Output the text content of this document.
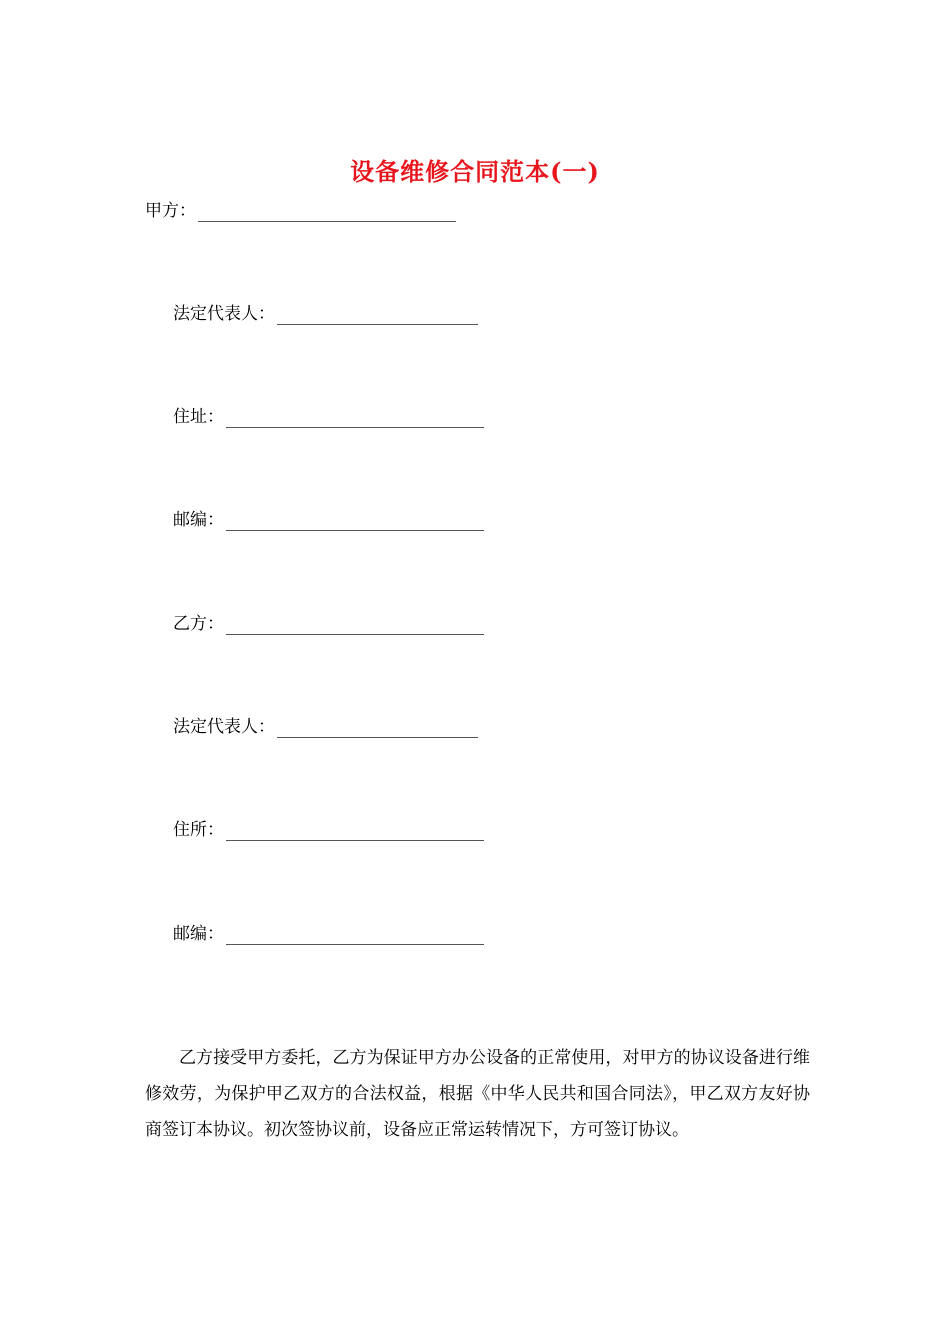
设备维修合同范本(一)
甲方：
法定代表人：
住址：
邮编：
乙方：
法定代表人：
住所：
邮编：

乙方接受甲方委托，乙方为保证甲方办公设备的正常使用，对甲方的协议设备进行维修效劳，为保护甲乙双方的合法权益，根据《中华人民共和国合同法》，甲乙双方友好协商签订本协议。初次签协议前，设备应正常运转情况下，方可签订协议。
